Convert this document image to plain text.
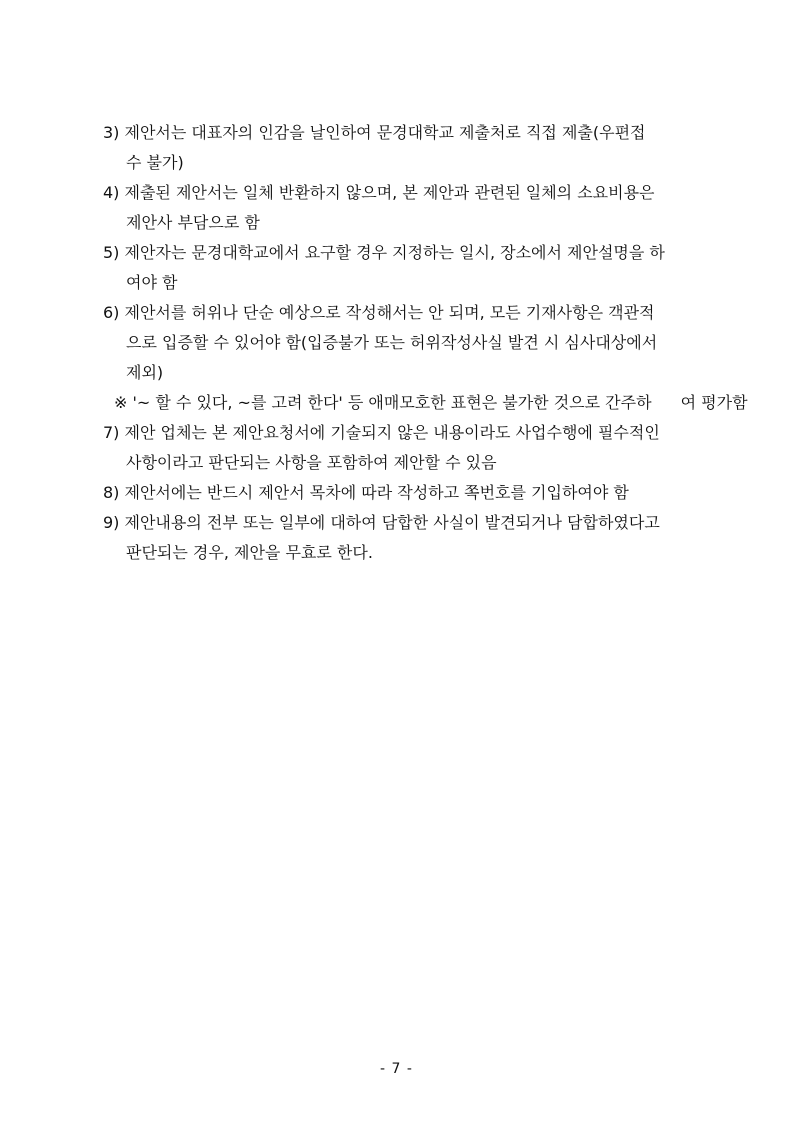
3) 제안서는 대표자의 인감을 날인하여 문경대학교 제출처로 직접 제출(우편접
수 불가)
4) 제출된 제안서는 일체 반환하지 않으며, 본 제안과 관련된 일체의 소요비용은
제안사 부담으로 함
5) 제안자는 문경대학교에서 요구할 경우 지정하는 일시, 장소에서 제안설명을 하
여야 함
6) 제안서를 허위나 단순 예상으로 작성해서는 안 되며, 모든 기재사항은 객관적
으로 입증할 수 있어야 함(입증불가 또는 허위작성사실 발견 시 심사대상에서
제외)
※ '~ 할 수 있다, ~를 고려 한다' 등 애매모호한 표현은 불가한 것으로 간주하 여 평가함
7) 제안 업체는 본 제안요청서에 기술되지 않은 내용이라도 사업수행에 필수적인
사항이라고 판단되는 사항을 포함하여 제안할 수 있음
8) 제안서에는 반드시 제안서 목차에 따라 작성하고 쪽번호를 기입하여야 함
9) 제안내용의 전부 또는 일부에 대하여 담합한 사실이 발견되거나 담합하였다고
판단되는 경우, 제안을 무효로 한다.
- 7 -
